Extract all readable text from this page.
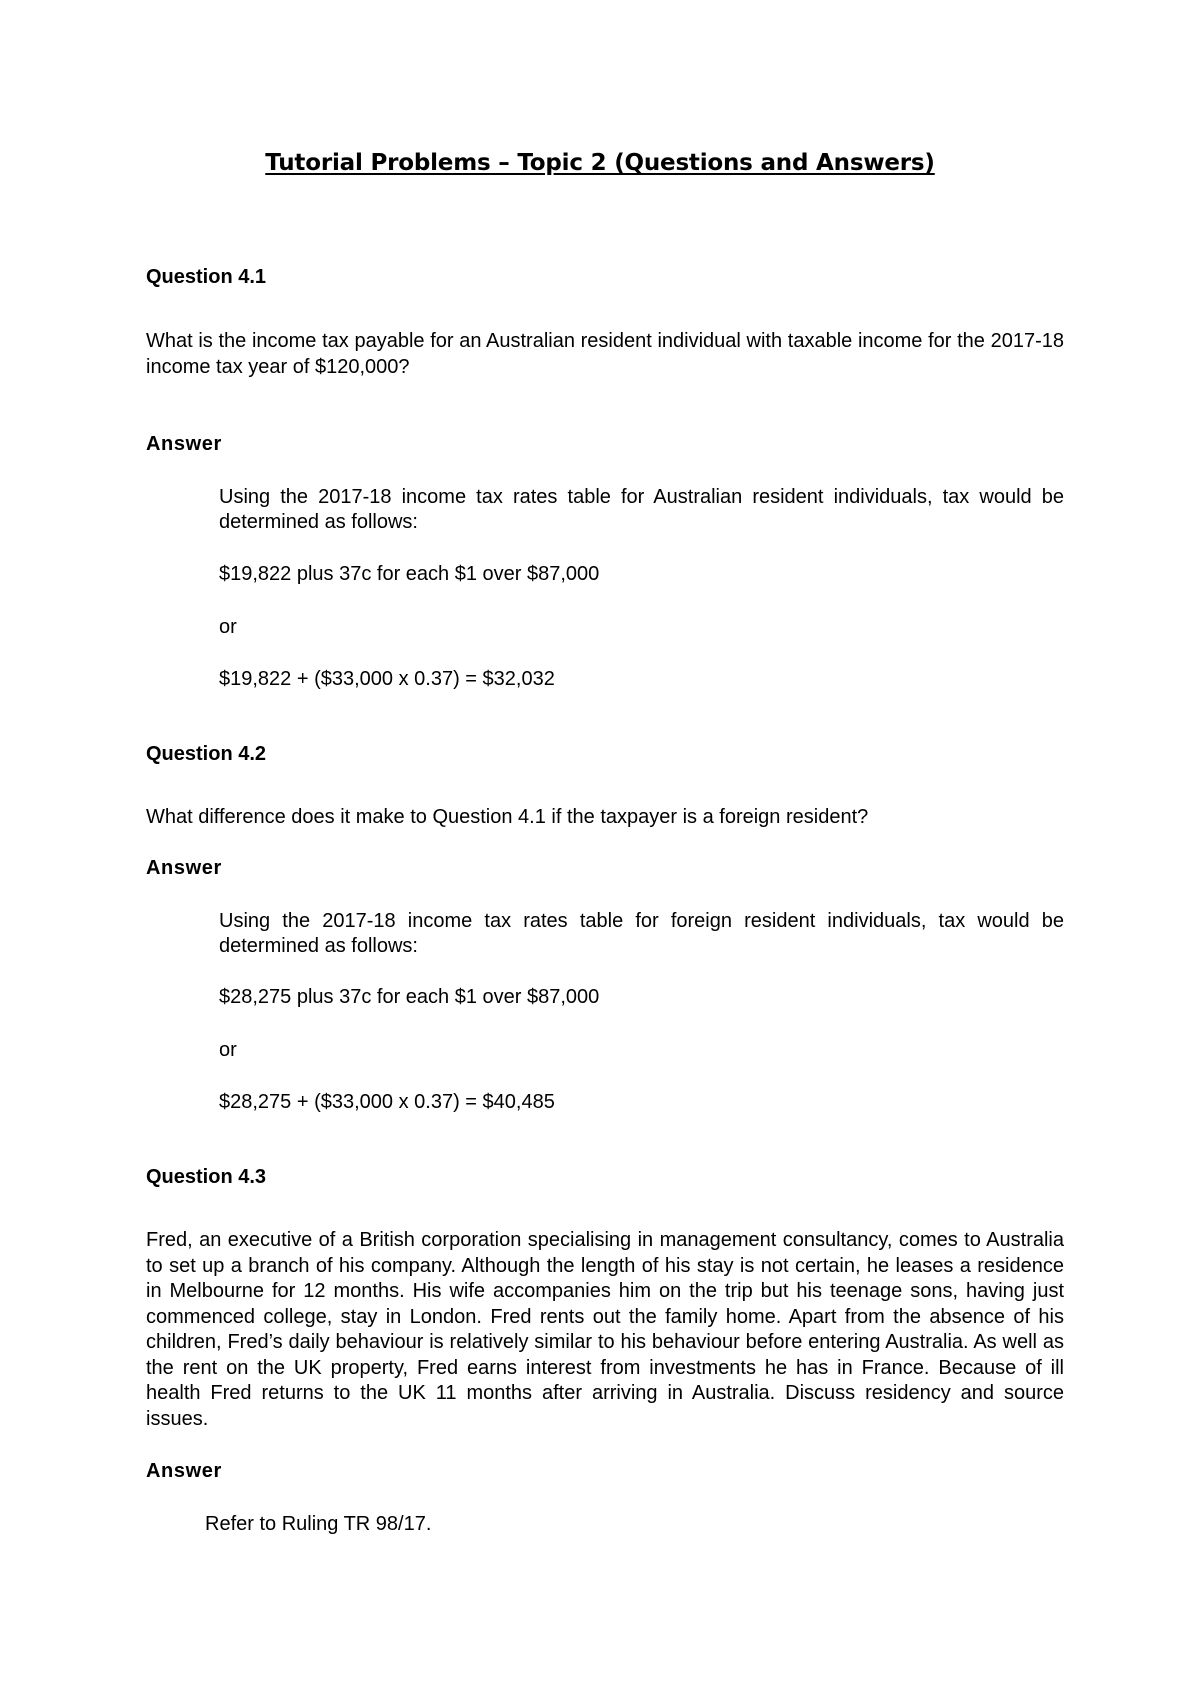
Tutorial Problems – Topic 2 (Questions and Answers)
Question 4.1
What is the income tax payable for an Australian resident individual with taxable income for the 2017-18 income tax year of $120,000?
Answer
Using the 2017-18 income tax rates table for Australian resident individuals, tax would be determined as follows:
$19,822 plus 37c for each $1 over $87,000
or
$19,822 + ($33,000 x 0.37) = $32,032
Question 4.2
What difference does it make to Question 4.1 if the taxpayer is a foreign resident?
Answer
Using the 2017-18 income tax rates table for foreign resident individuals, tax would be determined as follows:
$28,275 plus 37c for each $1 over $87,000
or
$28,275 + ($33,000 x 0.37) = $40,485
Question 4.3
Fred, an executive of a British corporation specialising in management consultancy, comes to Australia to set up a branch of his company. Although the length of his stay is not certain, he leases a residence in Melbourne for 12 months. His wife accompanies him on the trip but his teenage sons, having just commenced college, stay in London. Fred rents out the family home. Apart from the absence of his children, Fred’s daily behaviour is relatively similar to his behaviour before entering Australia. As well as the rent on the UK property, Fred earns interest from investments he has in France. Because of ill health Fred returns to the UK 11 months after arriving in Australia. Discuss residency and source issues.
Answer
Refer to Ruling TR 98/17.
